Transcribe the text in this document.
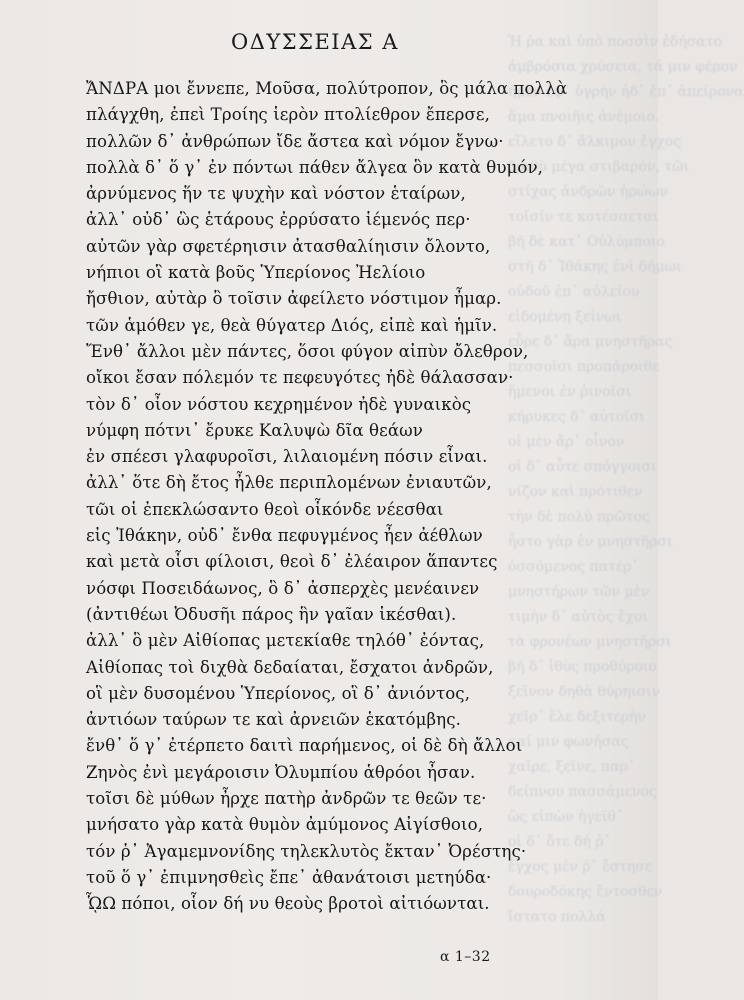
Ἡ ῥα καὶ ὑπὸ ποσσὶν ἐδήσατο
ἀμβρόσια χρύσεια, τά μιν φέρον
ἠμὲν ἐφ᾽ ὑγρὴν ἠδ᾽ ἐπ᾽ ἀπείρονα
ἅμα πνοιῆις ἀνέμοιο.
εἵλετο δ᾽ ἄλκιμον ἔγχος
βριθὺ μέγα στιβαρόν, τῶι
στίχας ἀνδρῶν ἡρώων
τοῖσίν τε κοτέσσεται
βῆ δὲ κατ᾽ Οὐλύμποιο
στῆ δ᾽ Ἰθάκης ἐνὶ δήμωι
οὐδοῦ ἐπ᾽ αὐλείου
εἰδομένη ξείνωι
εὗρε δ᾽ ἄρα μνηστῆρας
πεσσοῖσι προπάροιθε
ἥμενοι ἐν ῥινοῖσι
κήρυκες δ᾽ αὐτοῖσι
οἱ μὲν ἄρ᾽ οἶνον
οἱ δ᾽ αὖτε σπόγγοισι
νίζον καὶ πρότιθεν
τὴν δὲ πολὺ πρῶτος
ἧστο γὰρ ἐν μνηστῆρσι
ὀσσόμενος πατέρ᾽
μνηστήρων τῶν μὲν
τιμὴν δ᾽ αὐτὸς ἔχοι
τὰ φρονέων μνηστῆρσι
βῆ δ᾽ ἰθὺς προθύροιο
ξεῖνον δηθὰ θύρηισιν
χεῖρ᾽ ἕλε δεξιτερὴν
καί μιν φωνήσας
χαῖρε, ξεῖνε, παρ᾽
δείπνου πασσάμενος
ὣς εἰπὼν ἡγεῖθ᾽
οἱ δ᾽ ὅτε δή ῥ᾽
ἔγχος μέν ῥ᾽ ἔστησε
δουροδόκης ἔντοσθεν
ἵστατο πολλά
ΟΔΥΣΣΕΙΑΣ Α
ἌΝΔΡΑ μοι ἔννεπε, Μοῦσα, πολύτροπον, ὃς μάλα πολλὰ
πλάγχθη, ἐπεὶ Τροίης ἱερὸν πτολίεθρον ἔπερσε,
πολλῶν δ᾽ ἀνθρώπων ἴδε ἄστεα καὶ νόμον ἔγνω·
πολλὰ δ᾽ ὅ γ᾽ ἐν πόντωι πάθεν ἄλγεα ὃν κατὰ θυμόν,
ἀρνύμενος ἥν τε ψυχὴν καὶ νόστον ἑταίρων,
ἀλλ᾽ οὐδ᾽ ὣς ἑτάρους ἐρρύσατο ἱέμενός περ·
αὐτῶν γὰρ σφετέρηισιν ἀτασθαλίηισιν ὄλοντο,
νήπιοι οἳ κατὰ βοῦς Ὑπερίονος Ἠελίοιο
ἤσθιον, αὐτὰρ ὃ τοῖσιν ἀφείλετο νόστιμον ἦμαρ.
τῶν ἁμόθεν γε, θεὰ θύγατερ Διός, εἰπὲ καὶ ἡμῖν.
Ἔνθ᾽ ἄλλοι μὲν πάντες, ὅσοι φύγον αἰπὺν ὄλεθρον,
οἴκοι ἔσαν πόλεμόν τε πεφευγότες ἠδὲ θάλασσαν·
τὸν δ᾽ οἶον νόστου κεχρημένον ἠδὲ γυναικὸς
νύμφη πότνι᾽ ἔρυκε Καλυψὼ δῖα θεάων
ἐν σπέεσι γλαφυροῖσι, λιλαιομένη πόσιν εἶναι.
ἀλλ᾽ ὅτε δὴ ἔτος ἦλθε περιπλομένων ἐνιαυτῶν,
τῶι οἱ ἐπεκλώσαντο θεοὶ οἶκόνδε νέεσθαι
εἰς Ἰθάκην, οὐδ᾽ ἔνθα πεφυγμένος ἦεν ἀέθλων
καὶ μετὰ οἷσι φίλοισι, θεοὶ δ᾽ ἐλέαιρον ἅπαντες
νόσφι Ποσειδάωνος, ὃ δ᾽ ἀσπερχὲς μενέαινεν
(ἀντιθέωι Ὀδυσῆι πάρος ἣν γαῖαν ἱκέσθαι).
ἀλλ᾽ ὃ μὲν Αἰθίοπας μετεκίαθε τηλόθ᾽ ἐόντας,
Αἰθίοπας τοὶ διχθὰ δεδαίαται, ἔσχατοι ἀνδρῶν,
οἳ μὲν δυσομένου Ὑπερίονος, οἳ δ᾽ ἀνιόντος,
ἀντιόων ταύρων τε καὶ ἀρνειῶν ἑκατόμβης.
ἔνθ᾽ ὅ γ᾽ ἐτέρπετο δαιτὶ παρήμενος, οἱ δὲ δὴ ἄλλοι
Ζηνὸς ἐνὶ μεγάροισιν Ὀλυμπίου ἁθρόοι ἦσαν.
τοῖσι δὲ μύθων ἦρχε πατὴρ ἀνδρῶν τε θεῶν τε·
μνήσατο γὰρ κατὰ θυμὸν ἀμύμονος Αἰγίσθοιο,
τόν ῥ᾽ Ἀγαμεμνονίδης τηλεκλυτὸς ἔκταν᾽ Ὀρέστης·
τοῦ ὅ γ᾽ ἐπιμνησθεὶς ἔπε᾽ ἀθανάτοισι μετηύδα·
ᾯΩ πόποι, οἷον δή νυ θεοὺς βροτοὶ αἰτιόωνται.
α 1–32
